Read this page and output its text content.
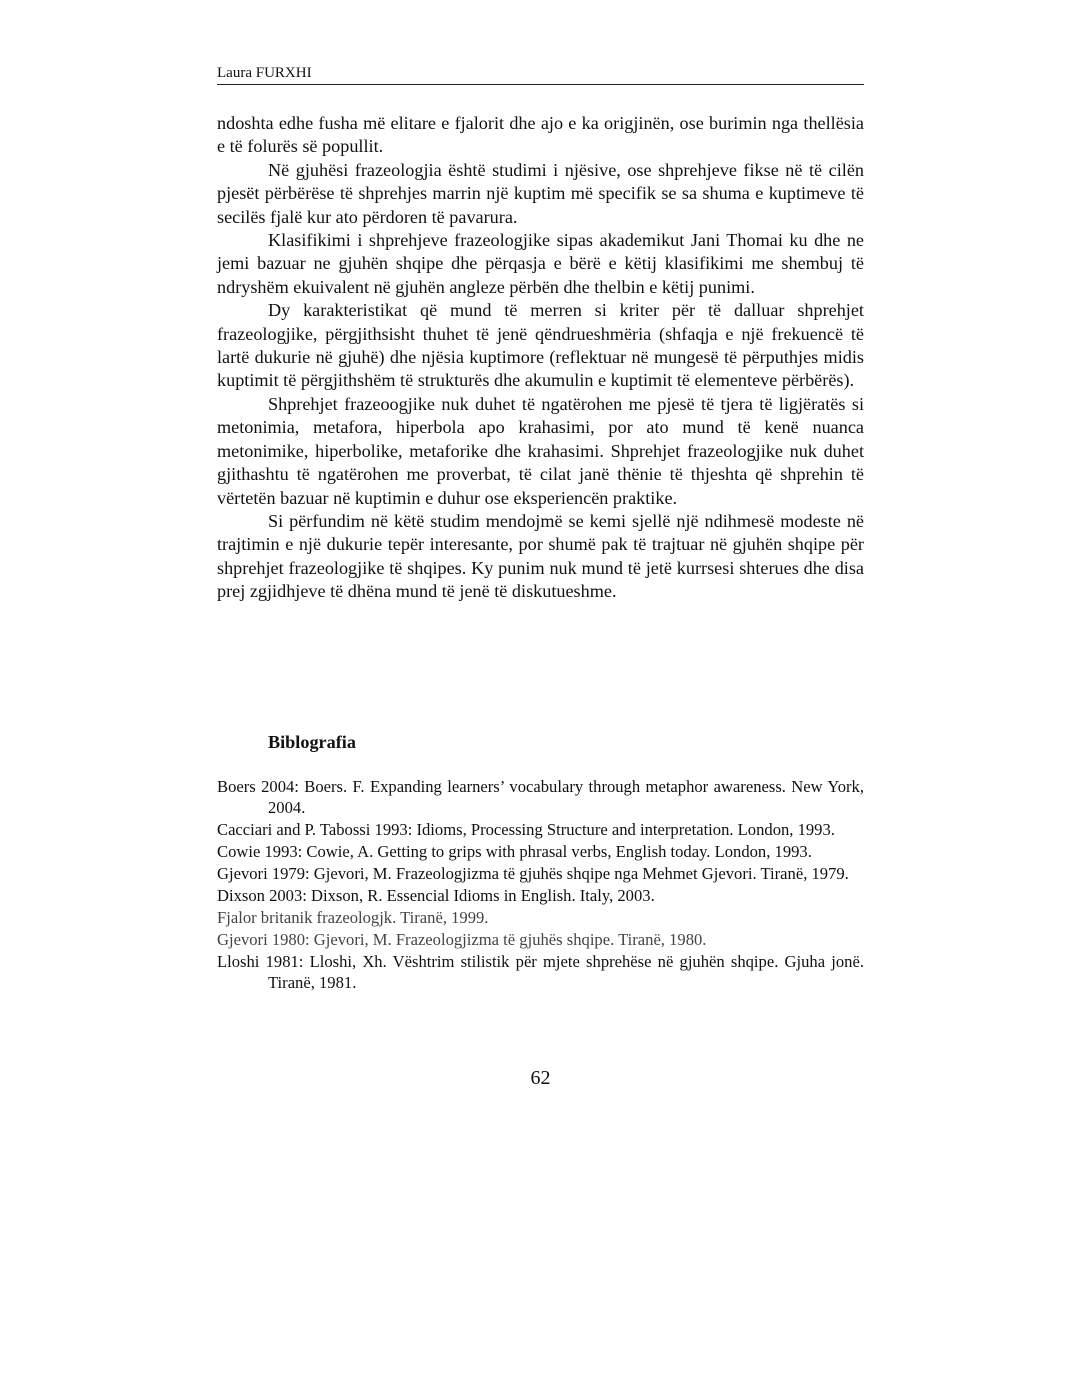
Laura FURXHI

ndoshta edhe fusha më elitare e fjalorit dhe ajo e ka origjinën, ose burimin nga thellësia e të folurës së popullit.

Në gjuhësi frazeologjia është studimi i njësive, ose shprehjeve fikse në të cilën pjesët përbërëse të shprehjes marrin një kuptim më specifik se sa shuma e kuptimeve të secilës fjalë kur ato përdoren të pavarura.

Klasifikimi i shprehjeve frazeologjike sipas akademikut Jani Thomai ku dhe ne jemi bazuar ne gjuhën shqipe dhe përqasja e bërë e këtij klasifikimi me shembuj të ndryshëm ekuivalent në gjuhën angleze përbën dhe thelbin e këtij punimi.

Dy karakteristikat që mund të merren si kriter për të dalluar shprehjet frazeologjike, përgjithsisht thuhet të jenë qëndrueshmëria (shfaqja e një frekuencë të lartë dukurie në gjuhë) dhe njësia kuptimore (reflektuar në mungesë të përputhjes midis kuptimit të përgjithshëm të strukturës dhe akumulin e kuptimit të elementeve përbërës).

Shprehjet frazeoogjike nuk duhet të ngatërohen me pjesë të tjera të ligjëratës si metonimia, metafora, hiperbola apo krahasimi, por ato mund të kenë nuanca metonimike, hiperbolike, metaforike dhe krahasimi. Shprehjet frazeologjike nuk duhet gjithashtu të ngatërohen me proverbat, të cilat janë thënie të thjeshta që shprehin të vërtetën bazuar në kuptimin e duhur ose eksperiencën praktike.

Si përfundim në këtë studim mendojmë se kemi sjellë një ndihmesë modeste në trajtimin e një dukurie tepër interesante, por shumë pak të trajtuar në gjuhën shqipe për shprehjet frazeologjike të shqipes. Ky punim nuk mund të jetë kurrsesi shterues dhe disa prej zgjidhjeve të dhëna mund të jenë të diskutueshme.

Biblografia
Boers 2004: Boers. F. Expanding learners’ vocabulary through metaphor awareness. New York, 2004.
Cacciari and P. Tabossi 1993: Idioms, Processing Structure and interpretation. London, 1993.
Cowie 1993: Cowie, A. Getting to grips with phrasal verbs, English today. London, 1993.
Gjevori 1979: Gjevori, M. Frazeologjizma të gjuhës shqipe nga Mehmet Gjevori. Tiranë, 1979.
Dixson 2003: Dixson, R. Essencial Idioms in English. Italy, 2003.
Fjalor britanik frazeologjk. Tiranë, 1999.
Gjevori 1980: Gjevori, M. Frazeologjizma të gjuhës shqipe. Tiranë, 1980.
Lloshi 1981: Lloshi, Xh. Vështrim stilistik për mjete shprehëse në gjuhën shqipe. Gjuha jonë. Tiranë, 1981.
62
